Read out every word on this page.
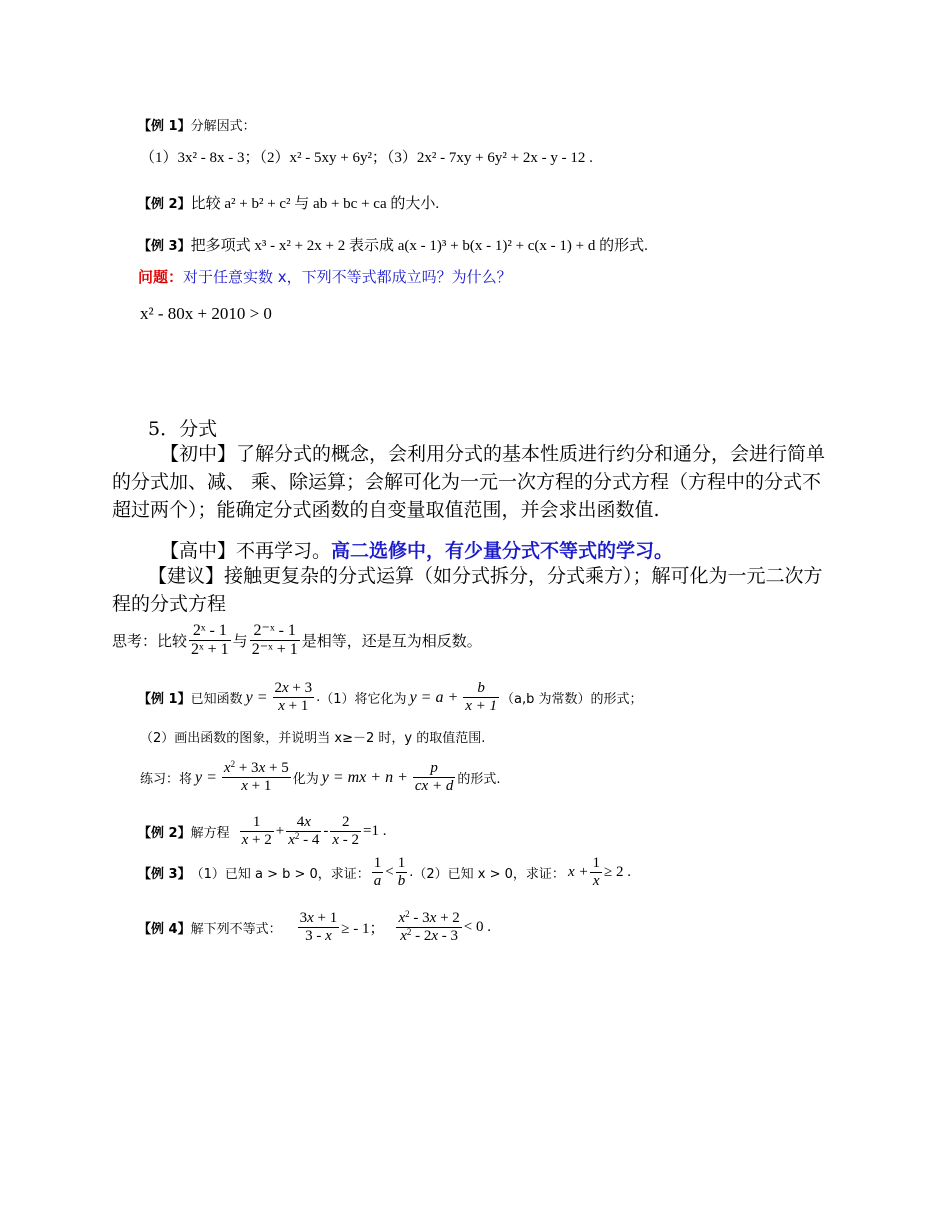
【例 1】分解因式：
（1）3x² - 8x - 3；（2）x² - 5xy + 6y²；（3）2x² - 7xy + 6y² + 2x - y - 12 .
【例 2】比较 a² + b² + c² 与 ab + bc + ca 的大小.
【例 3】把多项式 x³ - x² + 2x + 2 表示成 a(x - 1)³ + b(x - 1)² + c(x - 1) + d 的形式.
问题：对于任意实数 x，下列不等式都成立吗？为什么？
x² - 80x + 2010 > 0
5．分式
【初中】了解分式的概念，会利用分式的基本性质进行约分和通分，会进行简单的分式加、减、 乘、除运算；会解可化为一元一次方程的分式方程（方程中的分式不超过两个）；能确定分式函数的自变量取值范围，并会求出函数值.
【高中】不再学习。高二选修中，有少量分式不等式的学习。
【建议】接触更复杂的分式运算（如分式拆分，分式乘方）；解可化为一元二次方程的分式方程
思考：比较 $\frac{\text{2ˣ - 1}}{\text{2ˣ + 1}}$ 与 $\frac{\text{2⁻ˣ - 1}}{\text{2⁻ˣ + 1}}$ 是相等，还是互为相反数。
【例 1】 已知函数 $y = \frac{2x + 3}{x + 1}$ . （1）将它化为 $y = a + \frac{b}{x + 1} (a,b$ 为常数）的形式；
（2）画出函数的图象，并说明当 x≥－2 时，y 的取值范围.
练习：将 $y = \frac{x^2 + 3x + 5}{x + 1}$ 化为 y = mx + $n + \frac{p}{cx + d}$ 的形式.
【例 2】 解方程 $\frac{1}{x + 2} + \frac{4x}{x^2 - 4} - \frac{2}{x - 2} =1$ .
【例 3】 （1）已知 a > b > 0，求证： $\frac{1}{a} < \frac{1}{b}$ . （2）已知 x > 0，求证： $x + \frac{1}{x} \ge 2$ .
【例 4】 解下列不等式： $\frac{3x + 1}{3 - x}$ ≥ - 1； $\frac{x^2 - 3x + 2}{x^2 - 2x - 3} < 0$ .
